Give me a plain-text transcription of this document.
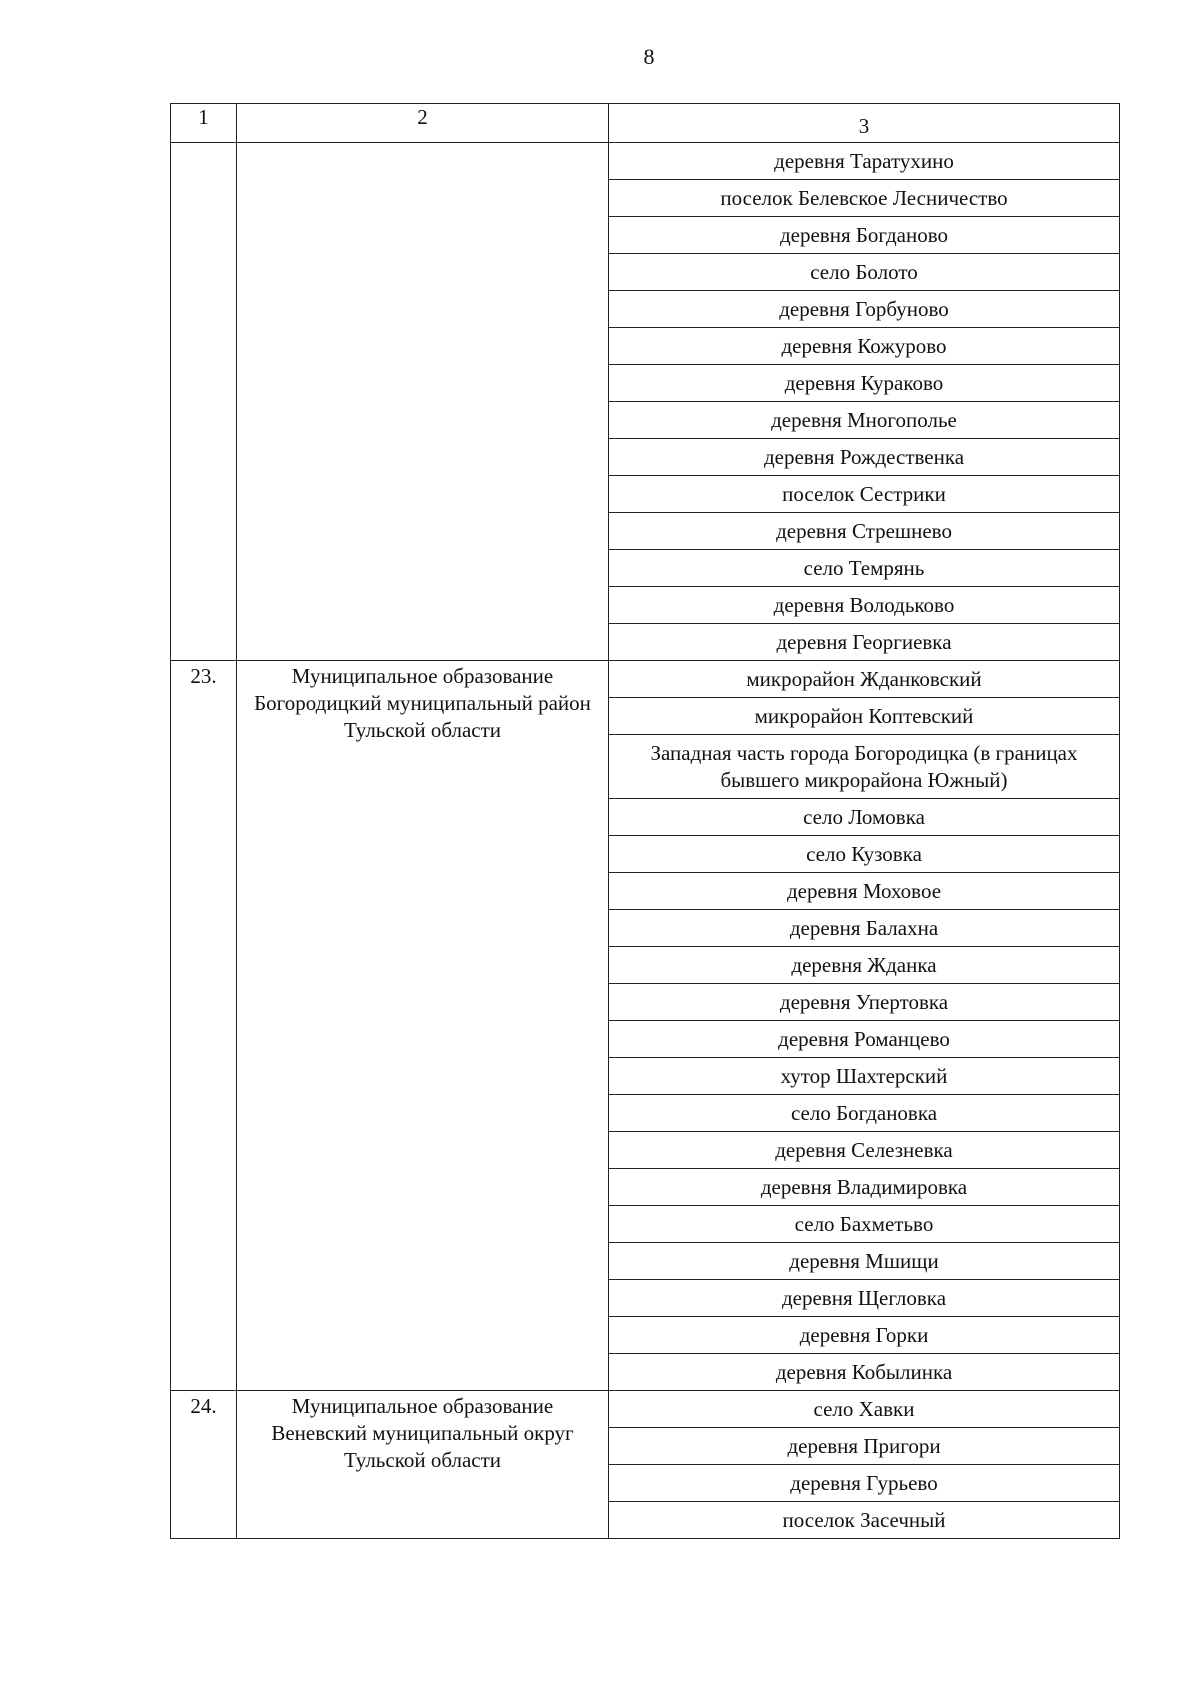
8
1	2	3
		деревня Таратухино
		поселок Белевское Лесничество
		деревня Богданово
		село Болото
		деревня Горбуново
		деревня Кожурово
		деревня Кураково
		деревня Многополье
		деревня Рождественка
		поселок Сестрики
		деревня Стрешнево
		село Темрянь
		деревня Володьково
		деревня Георгиевка
23.	Муниципальное образование Богородицкий муниципальный район Тульской области	микрорайон Жданковский
		микрорайон Коптевский
		Западная часть города Богородицка (в границах бывшего микрорайона Южный)
		село Ломовка
		село Кузовка
		деревня Моховое
		деревня Балахна
		деревня Жданка
		деревня Упертовка
		деревня Романцево
		хутор Шахтерский
		село Богдановка
		деревня Селезневка
		деревня Владимировка
		село Бахметьво
		деревня Мшищи
		деревня Щегловка
		деревня Горки
		деревня Кобылинка
24.	Муниципальное образование Веневский муниципальный округ Тульской области	село Хавки
		деревня Пригори
		деревня Гурьево
		поселок Засечный
